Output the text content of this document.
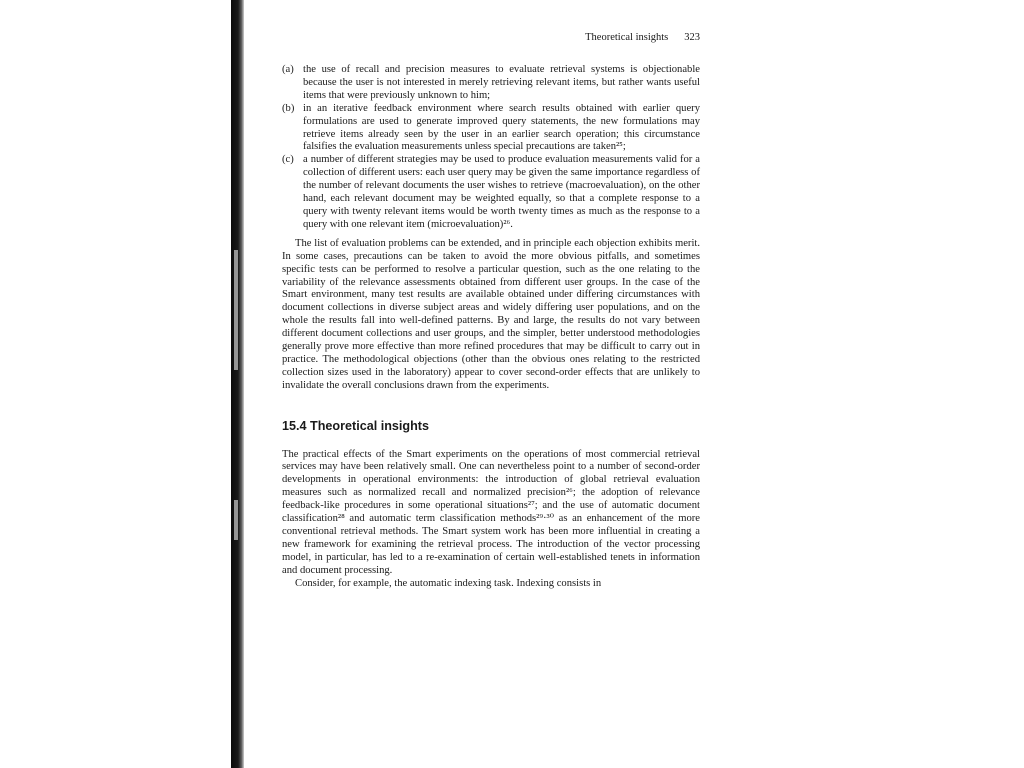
Theoretical insights 323
(a) the use of recall and precision measures to evaluate retrieval systems is objectionable because the user is not interested in merely retrieving relevant items, but rather wants useful items that were previously unknown to him;
(b) in an iterative feedback environment where search results obtained with earlier query formulations are used to generate improved query statements, the new formulations may retrieve items already seen by the user in an earlier search operation; this circumstance falsifies the evaluation measurements unless special precautions are taken²⁵;
(c) a number of different strategies may be used to produce evaluation measurements valid for a collection of different users: each user query may be given the same importance regardless of the number of relevant documents the user wishes to retrieve (macroevaluation), on the other hand, each relevant document may be weighted equally, so that a complete response to a query with twenty relevant items would be worth twenty times as much as the response to a query with one relevant item (microevaluation)²⁶.

The list of evaluation problems can be extended, and in principle each objection exhibits merit. In some cases, precautions can be taken to avoid the more obvious pitfalls, and sometimes specific tests can be performed to resolve a particular question, such as the one relating to the variability of the relevance assessments obtained from different user groups. In the case of the Smart environment, many test results are available obtained under differing circumstances with document collections in diverse subject areas and widely differing user populations, and on the whole the results fall into well-defined patterns. By and large, the results do not vary between different document collections and user groups, and the simpler, better understood methodologies generally prove more effective than more refined procedures that may be difficult to carry out in practice. The methodological objections (other than the obvious ones relating to the restricted collection sizes used in the laboratory) appear to cover second-order effects that are unlikely to invalidate the overall conclusions drawn from the experiments.

15.4 Theoretical insights

The practical effects of the Smart experiments on the operations of most commercial retrieval services may have been relatively small. One can nevertheless point to a number of second-order developments in operational environments: the introduction of global retrieval evaluation measures such as normalized recall and normalized precision²⁶; the adoption of relevance feedback-like procedures in some operational situations²⁷; and the use of automatic document classification²⁸ and automatic term classification methods²⁹·³⁰ as an enhancement of the more conventional retrieval methods. The Smart system work has been more influential in creating a new framework for examining the retrieval process. The introduction of the vector processing model, in particular, has led to a re-examination of certain well-established tenets in information and document processing.

Consider, for example, the automatic indexing task. Indexing consists in
